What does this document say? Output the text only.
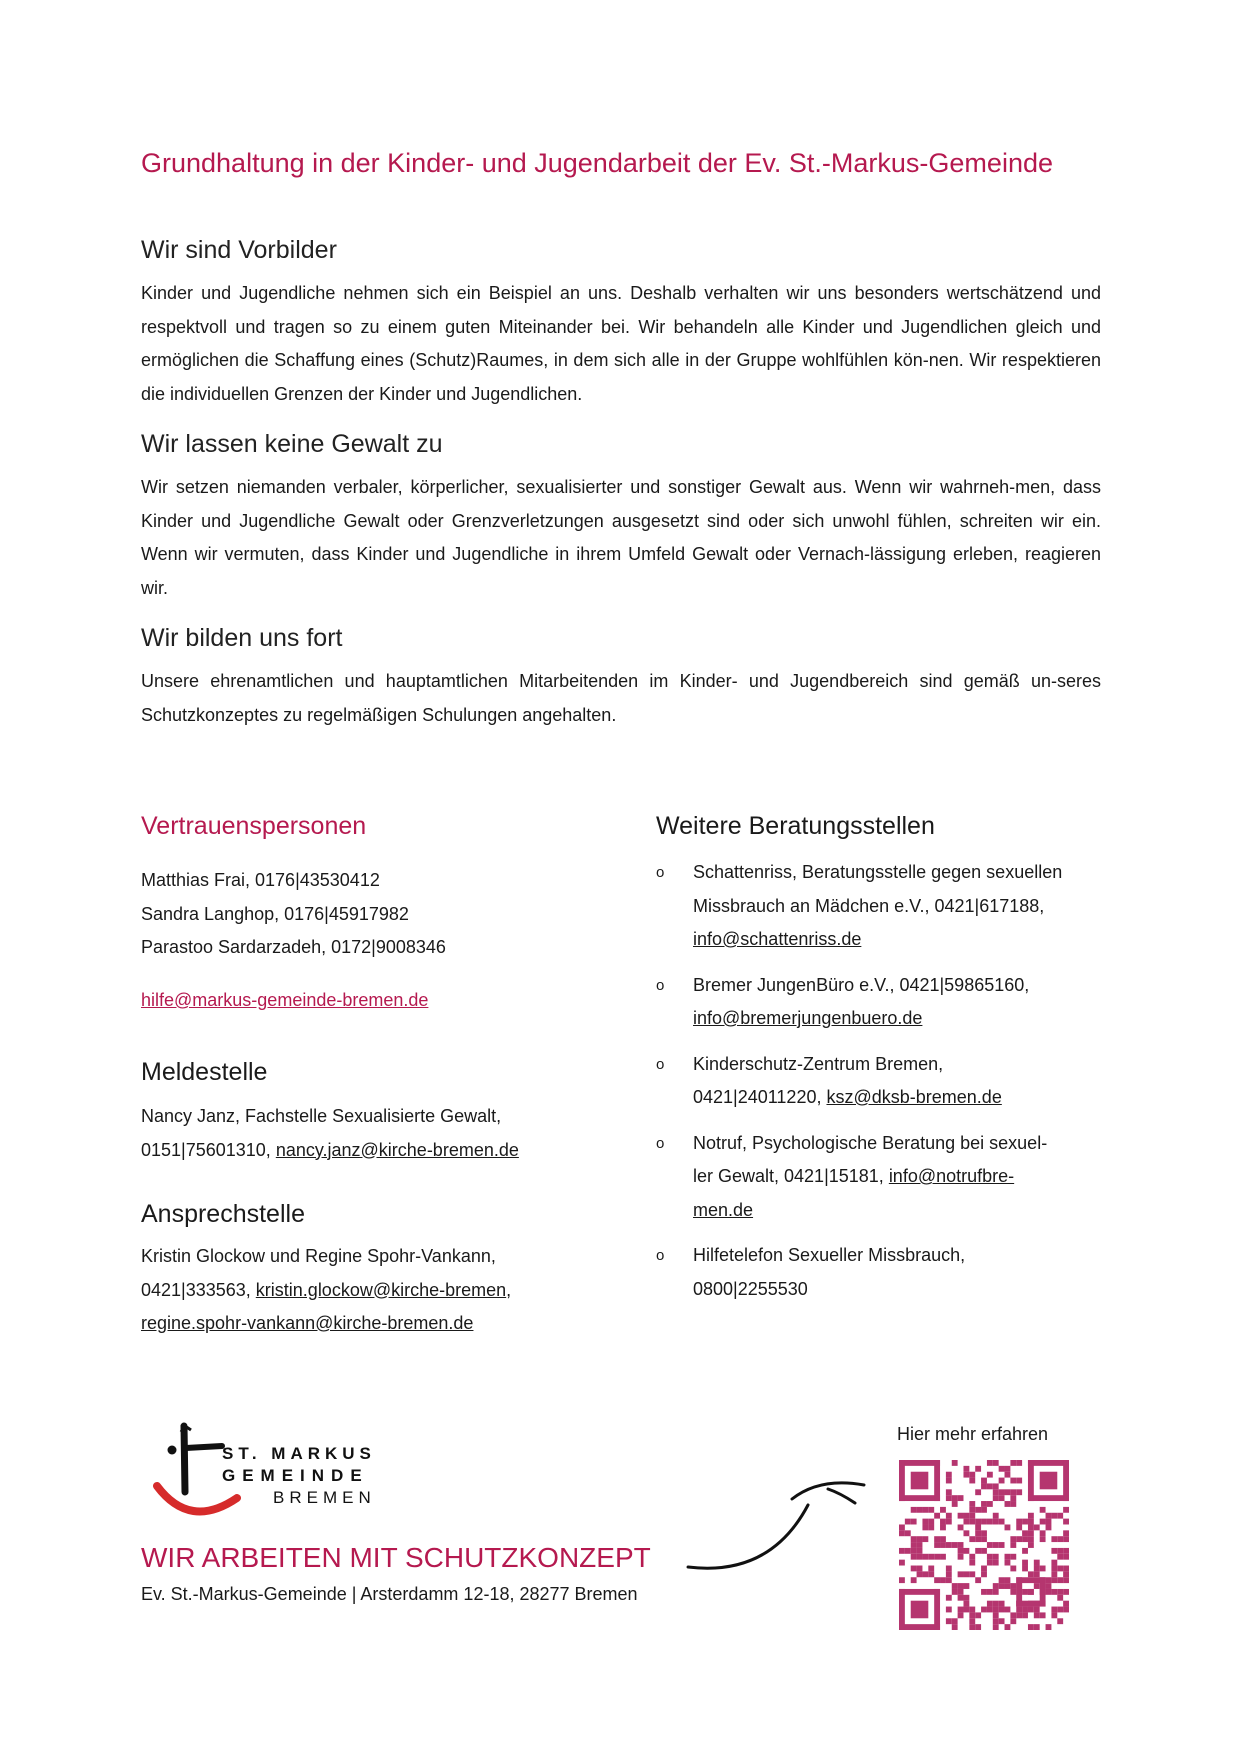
Grundhaltung in der Kinder- und Jugendarbeit der Ev. St.-Markus-Gemeinde
Wir sind Vorbilder

Kinder und Jugendliche nehmen sich ein Beispiel an uns. Deshalb verhalten wir uns besonders wertschätzend und respektvoll und tragen so zu einem guten Miteinander bei. Wir behandeln alle Kinder und Jugendlichen gleich und ermöglichen die Schaffung eines (Schutz)Raumes, in dem sich alle in der Gruppe wohlfühlen kön-nen. Wir respektieren die individuellen Grenzen der Kinder und Jugendlichen.

Wir lassen keine Gewalt zu

Wir setzen niemanden verbaler, körperlicher, sexualisierter und sonstiger Gewalt aus. Wenn wir wahrneh-men, dass Kinder und Jugendliche Gewalt oder Grenzverletzungen ausgesetzt sind oder sich unwohl fühlen, schreiten wir ein. Wenn wir vermuten, dass Kinder und Jugendliche in ihrem Umfeld Gewalt oder Vernach-lässigung erleben, reagieren wir.

Wir bilden uns fort

Unsere ehrenamtlichen und hauptamtlichen Mitarbeitenden im Kinder- und Jugendbereich sind gemäß un-seres Schutzkonzeptes zu regelmäßigen Schulungen angehalten.

Vertrauenspersonen
Matthias Frai, 0176|43530412
Sandra Langhop, 0176|45917982
Parastoo Sardarzadeh, 0172|9008346
hilfe@markus-gemeinde-bremen.de
Meldestelle
Nancy Janz, Fachstelle Sexualisierte Gewalt,
0151|75601310, nancy.janz@kirche-bremen.de
Ansprechstelle
Kristin Glockow und Regine Spohr-Vankann,
0421|333563, kristin.glockow@kirche-bremen,
regine.spohr-vankann@kirche-bremen.de
Weitere Beratungsstellen
o Schattenriss, Beratungsstelle gegen sexuellen
Missbrauch an Mädchen e.V., 0421|617188,
info@schattenriss.de
o Bremer JungenBüro e.V., 0421|59865160,
info@bremerjungenbuero.de
o Kinderschutz-Zentrum Bremen,
0421|24011220, ksz@dksb-bremen.de
o Notruf, Psychologische Beratung bei sexuel-
ler Gewalt, 0421|15181, info@notrufbre-
men.de
o Hilfetelefon Sexueller Missbrauch,
0800|2255530
ST. MARKUS
GEMEINDE
BREMEN
WIR ARBEITEN MIT SCHUTZKONZEPT
Ev. St.-Markus-Gemeinde | Arsterdamm 12-18, 28277 Bremen
Hier mehr erfahren
